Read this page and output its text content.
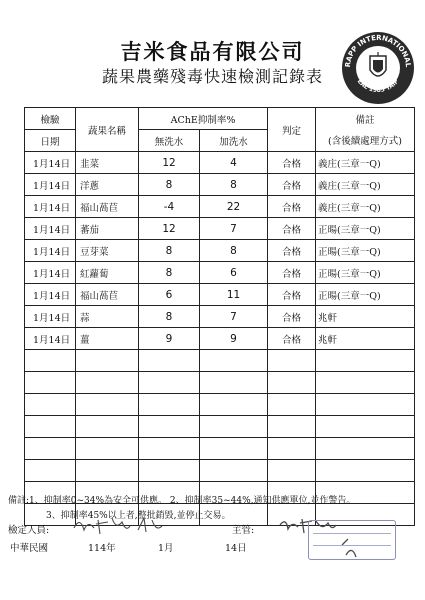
吉米食品有限公司
蔬果農藥殘毒快速檢測記錄表
RAPP INTERNATIONAL
EAL 1985 TAIP
檢驗	蔬果名稱	AChE抑制率%		判定	備註
日期		無洗水	加洗水		(含後續處理方式)
1月14日	韭菜	12	4	合格	義庄(三章一Q)
1月14日	洋蔥	8	8	合格	義庄(三章一Q)
1月14日	福山萵苣	-4	22	合格	義庄(三章一Q)
1月14日	蕃茄	12	7	合格	正暘(三章一Q)
1月14日	豆芽菜	8	8	合格	正暘(三章一Q)
1月14日	紅蘿蔔	8	6	合格	正暘(三章一Q)
1月14日	福山萵苣	6	11	合格	正暘(三章一Q)
1月14日	蒜	8	7	合格	兆軒
1月14日	薑	9	9	合格	兆軒

備註:1、抑制率0~34%為安全可供應。 2、抑制率35~44%,通知供應單位,並作警告。
3、抑制率45%以上者,整批銷毀,並停止交易。
檢定人員:	主管:
中華民國	114年	1月	14日
